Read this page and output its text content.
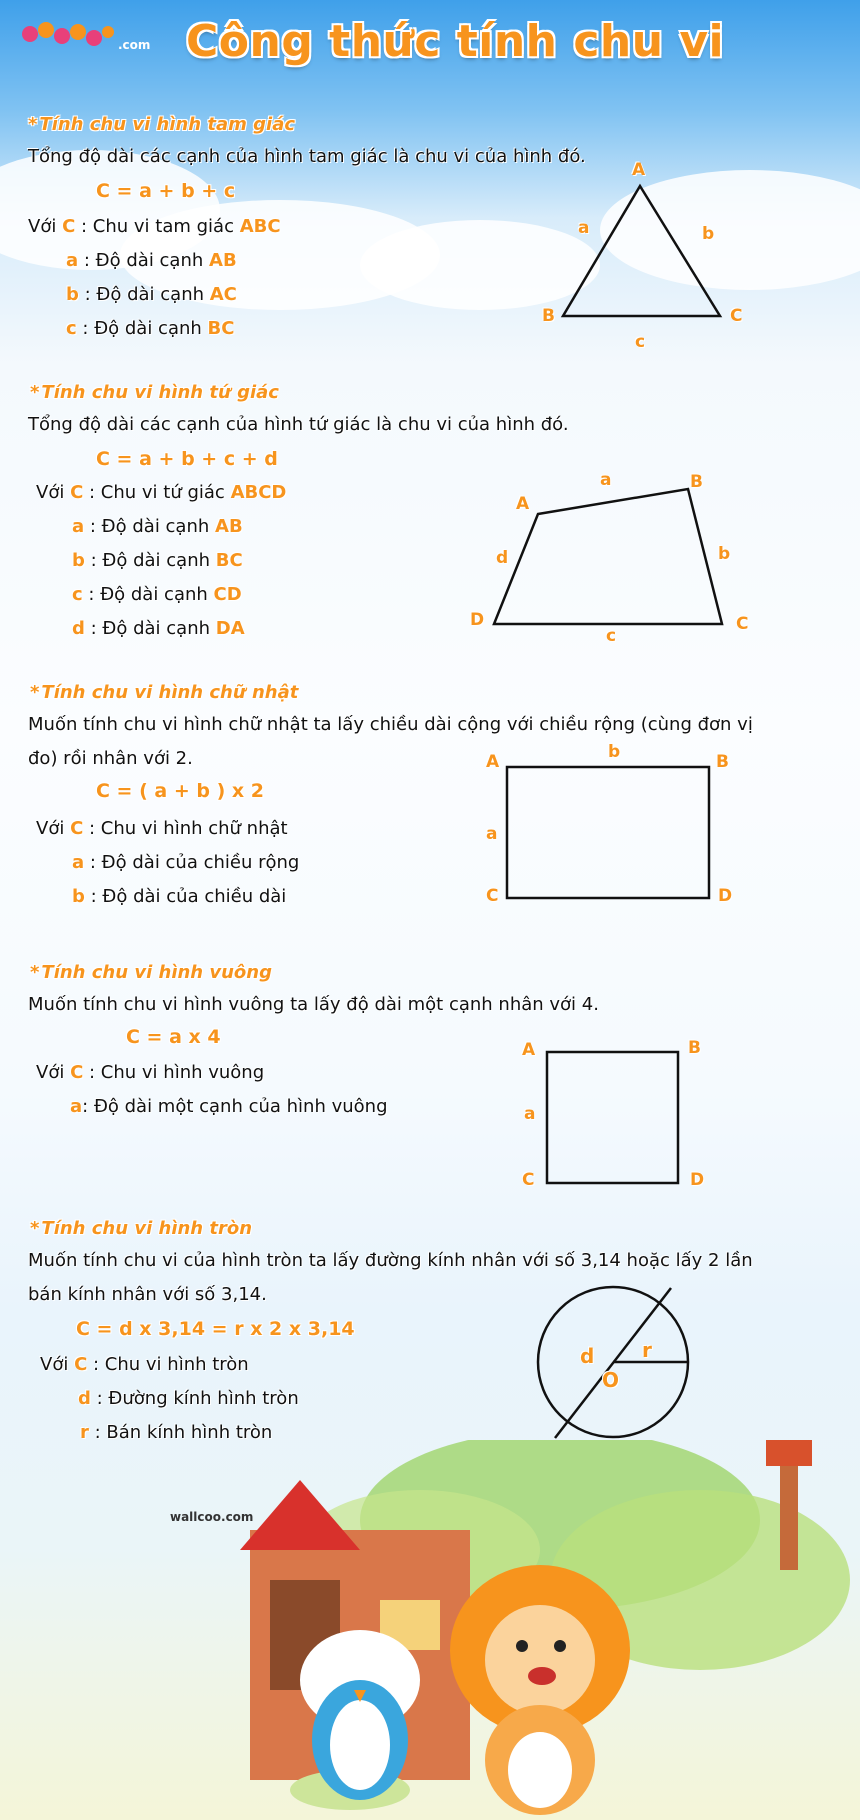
.com Công thức tính chu vi
* Tính chu vi hình tam giác
Tổng độ dài các cạnh của hình tam giác là chu vi của hình đó.
C = a + b + c
Với C : Chu vi tam giác ABC
a : Độ dài cạnh AB
b : Độ dài cạnh AC
c : Độ dài cạnh BC
A
B	C
a	b
c
* Tính chu vi hình tứ giác
Tổng độ dài các cạnh của hình tứ giác là chu vi của hình đó.
C = a + b + c + d
Với C : Chu vi tứ giác ABCD
a : Độ dài cạnh AB
b : Độ dài cạnh BC
c : Độ dài cạnh CD
d : Độ dài cạnh DA
A
B
C
D
a
b
c
d
* Tính chu vi hình chữ nhật
Muốn tính chu vi hình chữ nhật ta lấy chiều dài cộng với chiều rộng (cùng đơn vị
đo) rồi nhân với 2.
C = ( a + b ) x 2
Với C : Chu vi hình chữ nhật
a : Độ dài của chiều rộng
b : Độ dài của chiều dài
A	B
C	D
a
b
* Tính chu vi hình vuông
Muốn tính chu vi hình vuông ta lấy độ dài một cạnh nhân với 4.
C = a x 4
Với C : Chu vi hình vuông
a: Độ dài một cạnh của hình vuông
A	B
C	D
a
* Tính chu vi hình tròn
Muốn tính chu vi của hình tròn ta lấy đường kính nhân với số 3,14 hoặc lấy 2 lần
bán kính nhân với số 3,14.
C = d x 3,14 = r x 2 x 3,14
Với C : Chu vi hình tròn
d : Đường kính hình tròn
r : Bán kính hình tròn
d r
O
wallcoo.com
